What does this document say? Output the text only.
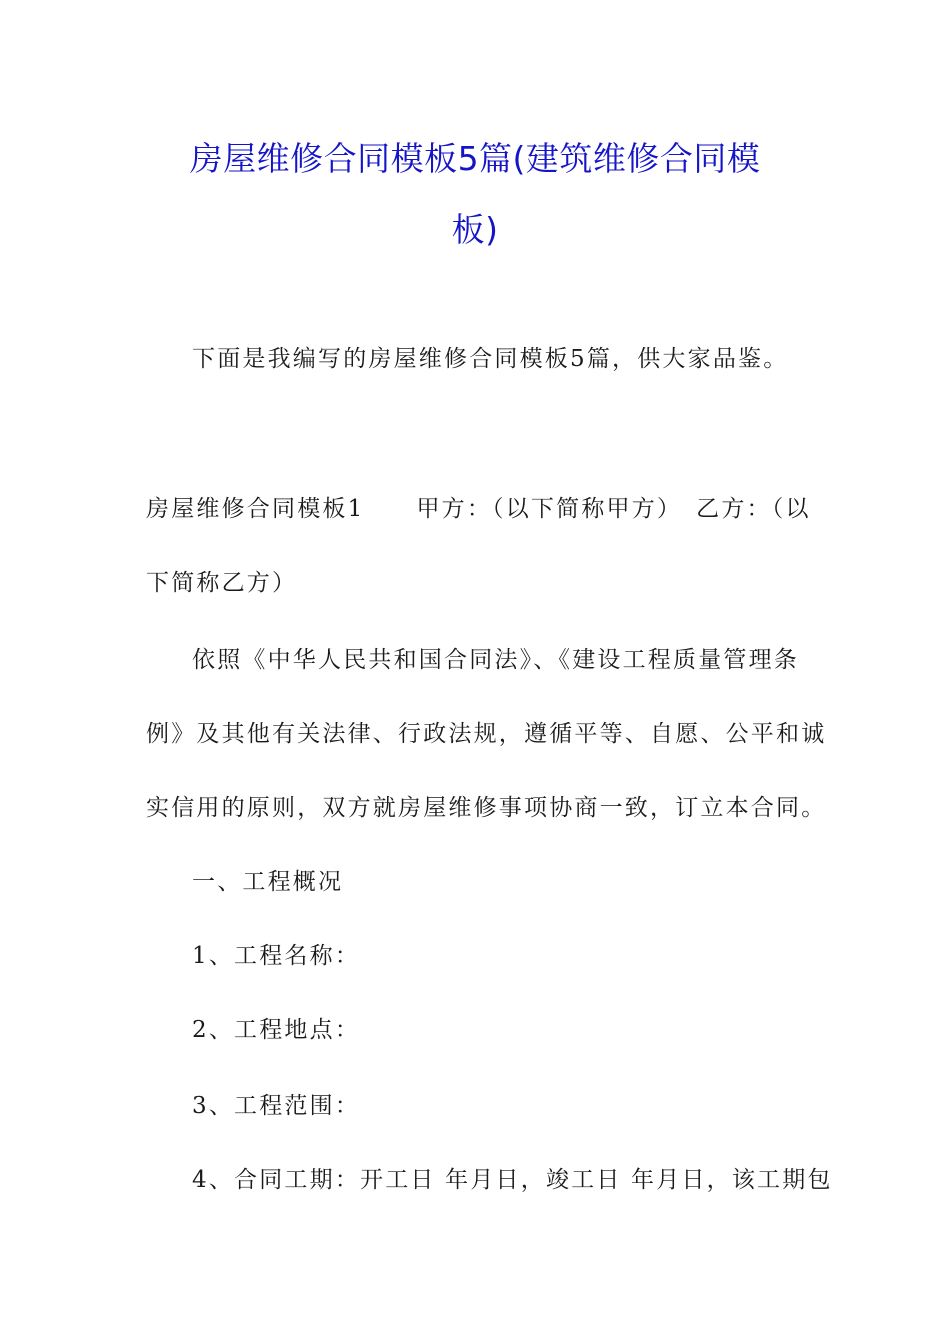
房屋维修合同模板5篇(建筑维修合同模
板)

下面是我编写的房屋维修合同模板5篇，供大家品鉴。

房屋维修合同模板1 甲方：（以下简称甲方） 乙方：（以

下简称乙方）

依照《中华人民共和国合同法》、《建设工程质量管理条

例》及其他有关法律、行政法规，遵循平等、自愿、公平和诚

实信用的原则，双方就房屋维修事项协商一致，订立本合同。

一、工程概况

1、工程名称：

2、工程地点：

3、工程范围：

4、合同工期：开工日 年月日，竣工日 年月日，该工期包
